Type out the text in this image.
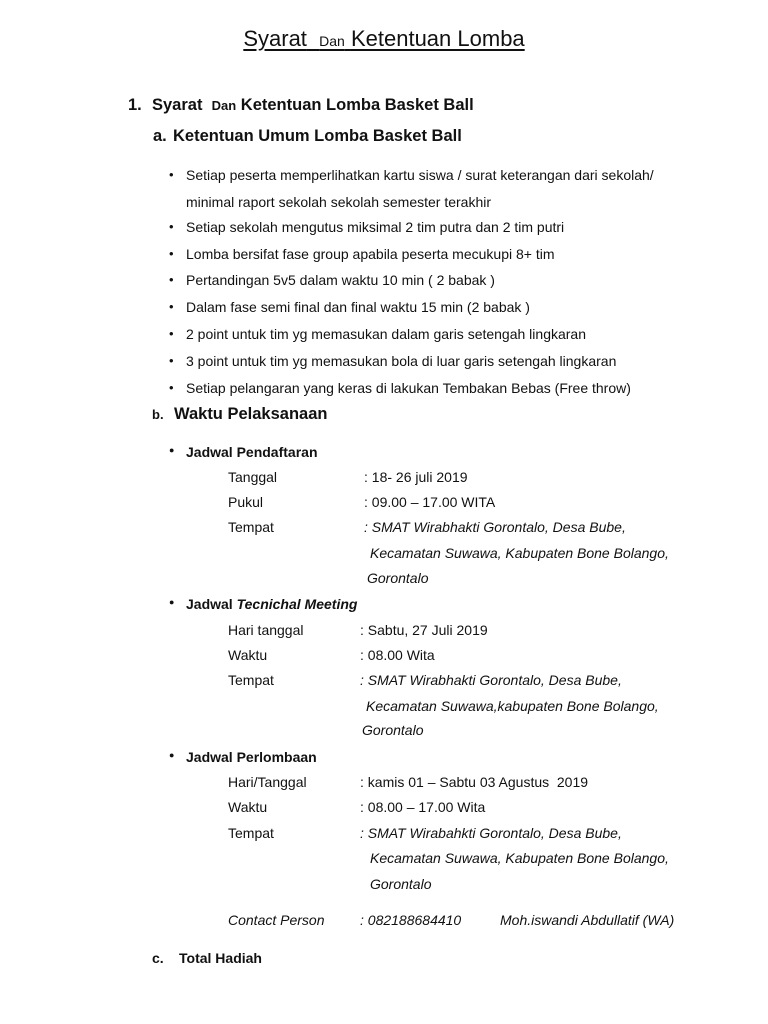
Syarat Dan Ketentuan Lomba
1. Syarat Dan Ketentuan Lomba Basket Ball
a. Ketentuan Umum Lomba Basket Ball
• Setiap peserta memperlihatkan kartu siswa / surat keterangan dari sekolah/
minimal raport sekolah sekolah semester terakhir
• Setiap sekolah mengutus miksimal 2 tim putra dan 2 tim putri
• Lomba bersifat fase group apabila peserta mecukupi 8+ tim
• Pertandingan 5v5 dalam waktu 10 min ( 2 babak )
• Dalam fase semi final dan final waktu 15 min (2 babak )
• 2 point untuk tim yg memasukan dalam garis setengah lingkaran
• 3 point untuk tim yg memasukan bola di luar garis setengah lingkaran
• Setiap pelangaran yang keras di lakukan Tembakan Bebas (Free throw)
b. Waktu Pelaksanaan
● Jadwal Pendaftaran
Tanggal	: 18- 26 juli 2019
Pukul	: 09.00 – 17.00 WITA
Tempat	: SMAT Wirabhakti Gorontalo, Desa Bube,
Kecamatan Suwawa, Kabupaten Bone Bolango,
Gorontalo
● Jadwal Tecnichal Meeting
Hari tanggal	: Sabtu, 27 Juli 2019
Waktu	: 08.00 Wita
Tempat	: SMAT Wirabhakti Gorontalo, Desa Bube,
Kecamatan Suwawa,kabupaten Bone Bolango,
Gorontalo
● Jadwal Perlombaan
Hari/Tanggal	: kamis 01 – Sabtu 03 Agustus  2019
Waktu	: 08.00 – 17.00 Wita
Tempat	: SMAT Wirabahkti Gorontalo, Desa Bube,
Kecamatan Suwawa, Kabupaten Bone Bolango,
Gorontalo
Contact Person	: 082188684410	Moh.iswandi Abdullatif (WA)
c. Total Hadiah
